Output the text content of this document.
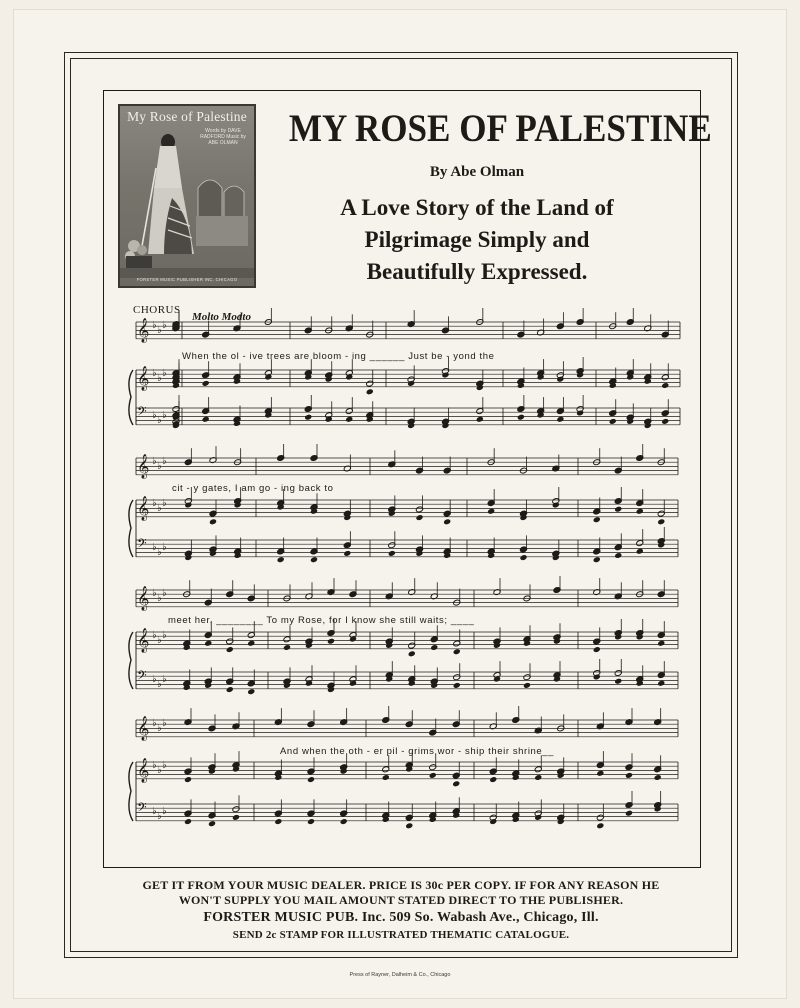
My Rose of Palestine
Words by DAVE RADFORD Music by ABE OLMAN
FORSTER MUSIC PUBLISHER INC. CHICAGO
MY ROSE OF PALESTINE
By Abe Olman
A Love Story of the Land of
Pilgrimage Simply and
Beautifully Expressed.
CHORUS
Molto Modto
𝄞 ♭ ♭ ♭
𝄞 ♭ ♭ ♭
𝄢 ♭ ♭ ♭
𝄞 ♭ ♭ ♭
𝄞 ♭ ♭ ♭
𝄢 ♭ ♭ ♭
𝄞 ♭ ♭ ♭
𝄞 ♭ ♭ ♭
𝄢 ♭ ♭ ♭
𝄞 ♭ ♭ ♭
𝄞 ♭ ♭ ♭
𝄢 ♭ ♭ ♭
When the ol - ive trees are bloom - ing ______ Just be - yond the
cit - y gates, I am go - ing back to
meet her, ________ To my Rose, for I know she still waits; ____
And when the oth - er pil - grims wor - ship their shrine__
GET IT FROM YOUR MUSIC DEALER. PRICE IS 30c PER COPY. IF FOR ANY REASON HE
WON'T SUPPLY YOU MAIL AMOUNT STATED DIRECT TO THE PUBLISHER.
FORSTER MUSIC PUB. Inc. 509 So. Wabash Ave., Chicago, Ill.
SEND 2c STAMP FOR ILLUSTRATED THEMATIC CATALOGUE.
Press of Rayner, Dalheim & Co., Chicago
